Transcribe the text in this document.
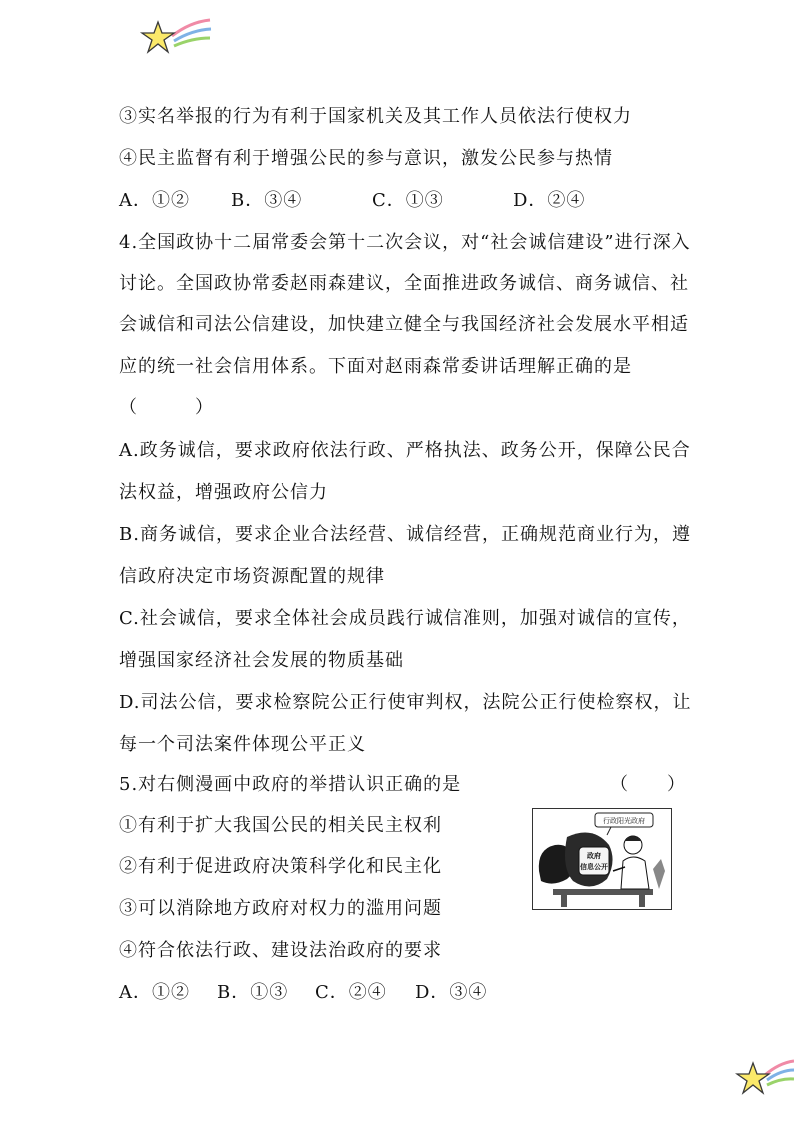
③实名举报的行为有利于国家机关及其工作人员依法行使权力
④民主监督有利于增强公民的参与意识，激发公民参与热情
A．①② B．③④	C．①③	D．②④
4.全国政协十二届常委会第十二次会议，对“社会诚信建设”进行深入
讨论。全国政协常委赵雨森建议，全面推进政务诚信、商务诚信、社
会诚信和司法公信建设，加快建立健全与我国经济社会发展水平相适
应的统一社会信用体系。下面对赵雨森常委讲话理解正确的是
（　　　）
A.政务诚信，要求政府依法行政、严格执法、政务公开，保障公民合
法权益，增强政府公信力
B.商务诚信，要求企业合法经营、诚信经营，正确规范商业行为，遵
信政府决定市场资源配置的规律
C.社会诚信，要求全体社会成员践行诚信准则，加强对诚信的宣传，
增强国家经济社会发展的物质基础
D.司法公信，要求检察院公正行使审判权，法院公正行使检察权，让
每一个司法案件体现公平正义
5.对右侧漫画中政府的举措认识正确的是	（　　）
①有利于扩大我国公民的相关民主权利
②有利于促进政府决策科学化和民主化
③可以消除地方政府对权力的滥用问题
④符合依法行政、建设法治政府的要求
A．①② B．①③ C．②④ D．③④
行政阳光政府
政府
信息公开
